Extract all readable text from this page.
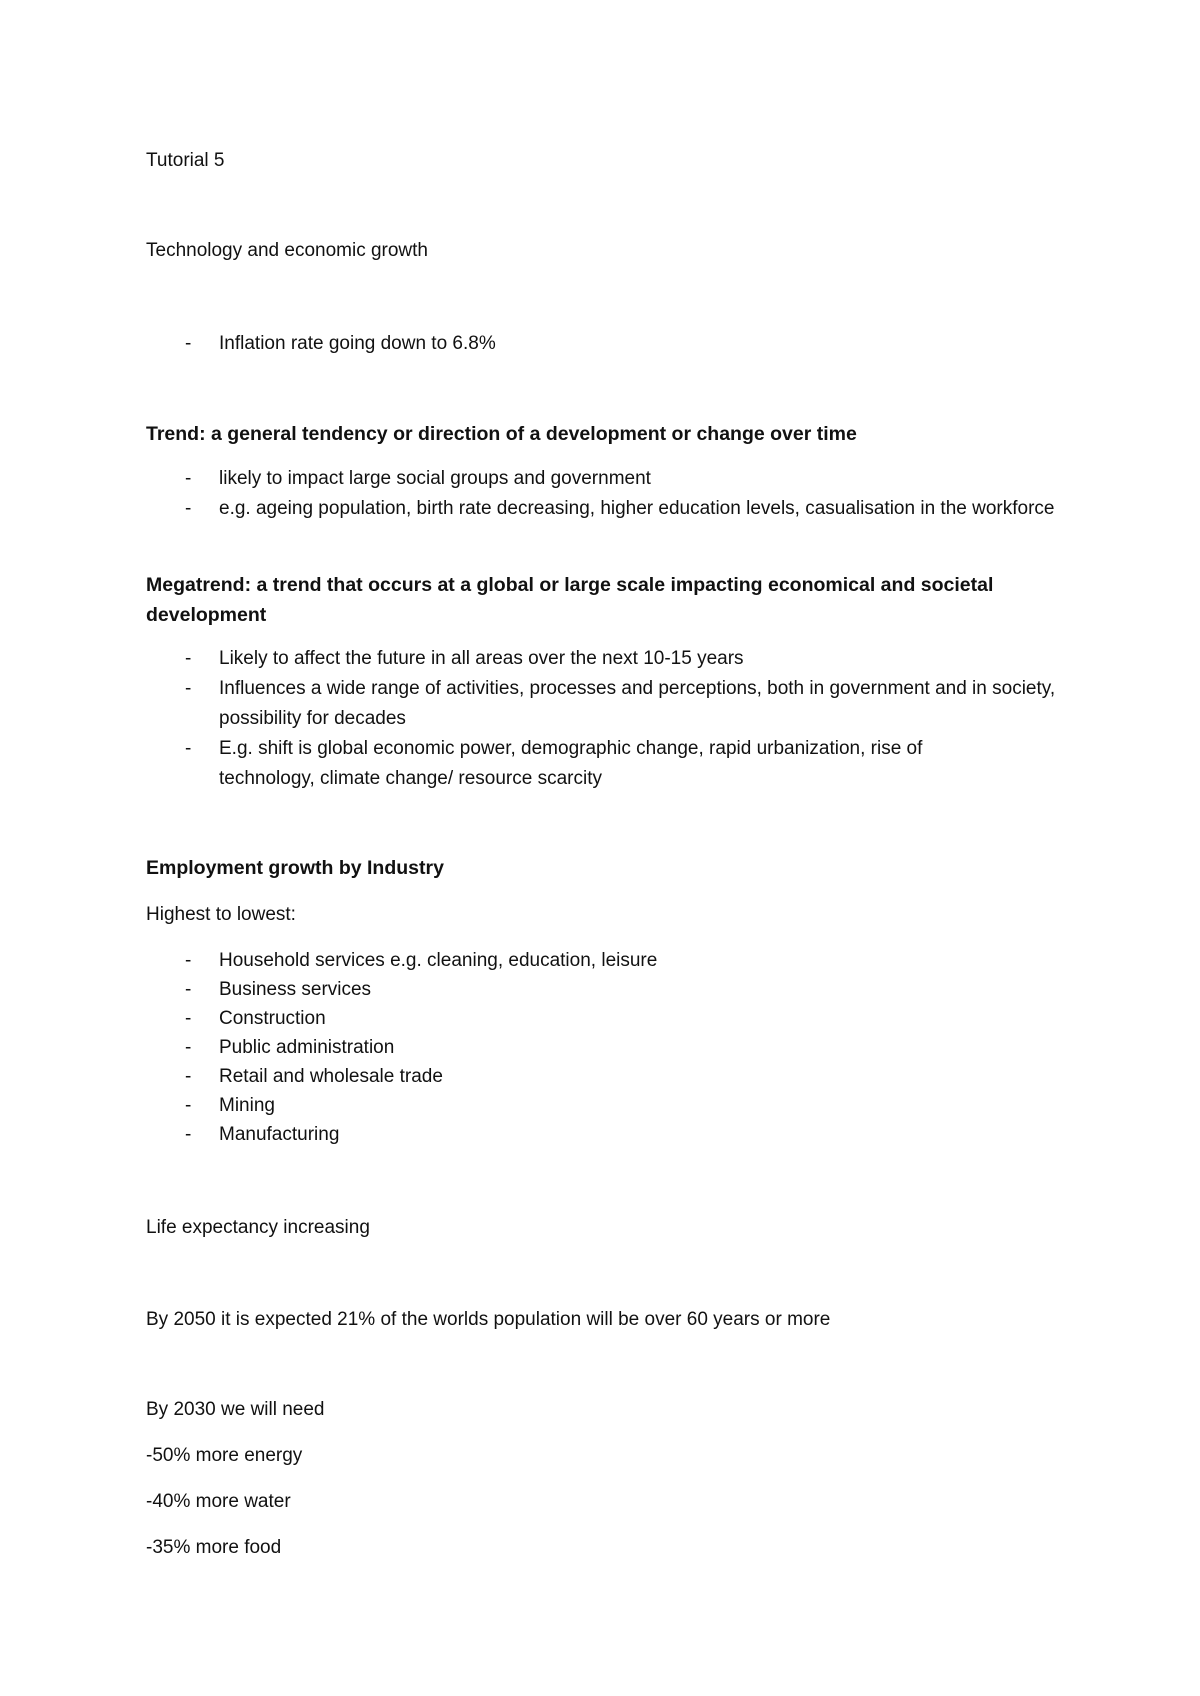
Tutorial 5
Technology and economic growth
- Inflation rate going down to 6.8%
Trend: a general tendency or direction of a development or change over time
- likely to impact large social groups and government
- e.g. ageing population, birth rate decreasing, higher education levels, casualisation in the workforce
Megatrend: a trend that occurs at a global or large scale impacting economical and societal development
- Likely to affect the future in all areas over the next 10-15 years
- Influences a wide range of activities, processes and perceptions, both in government and in society, possibility for decades
- E.g. shift is global economic power, demographic change, rapid urbanization, rise of technology, climate change/ resource scarcity
Employment growth by Industry
Highest to lowest:
- Household services e.g. cleaning, education, leisure
- Business services
- Construction
- Public administration
- Retail and wholesale trade
- Mining
- Manufacturing
Life expectancy increasing
By 2050 it is expected 21% of the worlds population will be over 60 years or more
By 2030 we will need
-50% more energy
-40% more water
-35% more food
